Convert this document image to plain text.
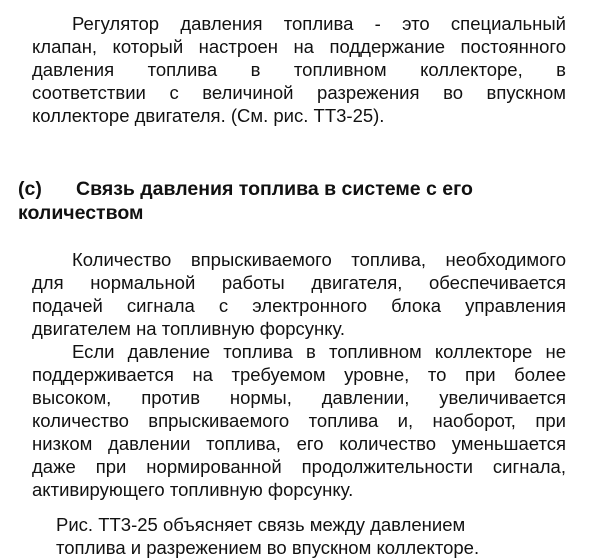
Регулятор давления топлива - это специальный
клапан, который настроен на поддержание постоянного
давления топлива в топливном коллекторе, в
соответствии с величиной разрежения во впускном
коллекторе двигателя. (См. рис. ТТ3-25).
(c) Связь давления топлива в системе с его
количеством
Количество впрыскиваемого топлива, необходимого
для нормальной работы двигателя, обеспечивается
подачей сигнала с электронного блока управления
двигателем на топливную форсунку.
Если давление топлива в топливном коллекторе не
поддерживается на требуемом уровне, то при более
высоком, против нормы, давлении, увеличивается
количество впрыскиваемого топлива и, наоборот, при
низком давлении топлива, его количество уменьшается
даже при нормированной продолжительности сигнала,
активирующего топливную форсунку.
Рис. ТТ3-25 объясняет связь между давлением
топлива и разрежением во впускном коллекторе.
